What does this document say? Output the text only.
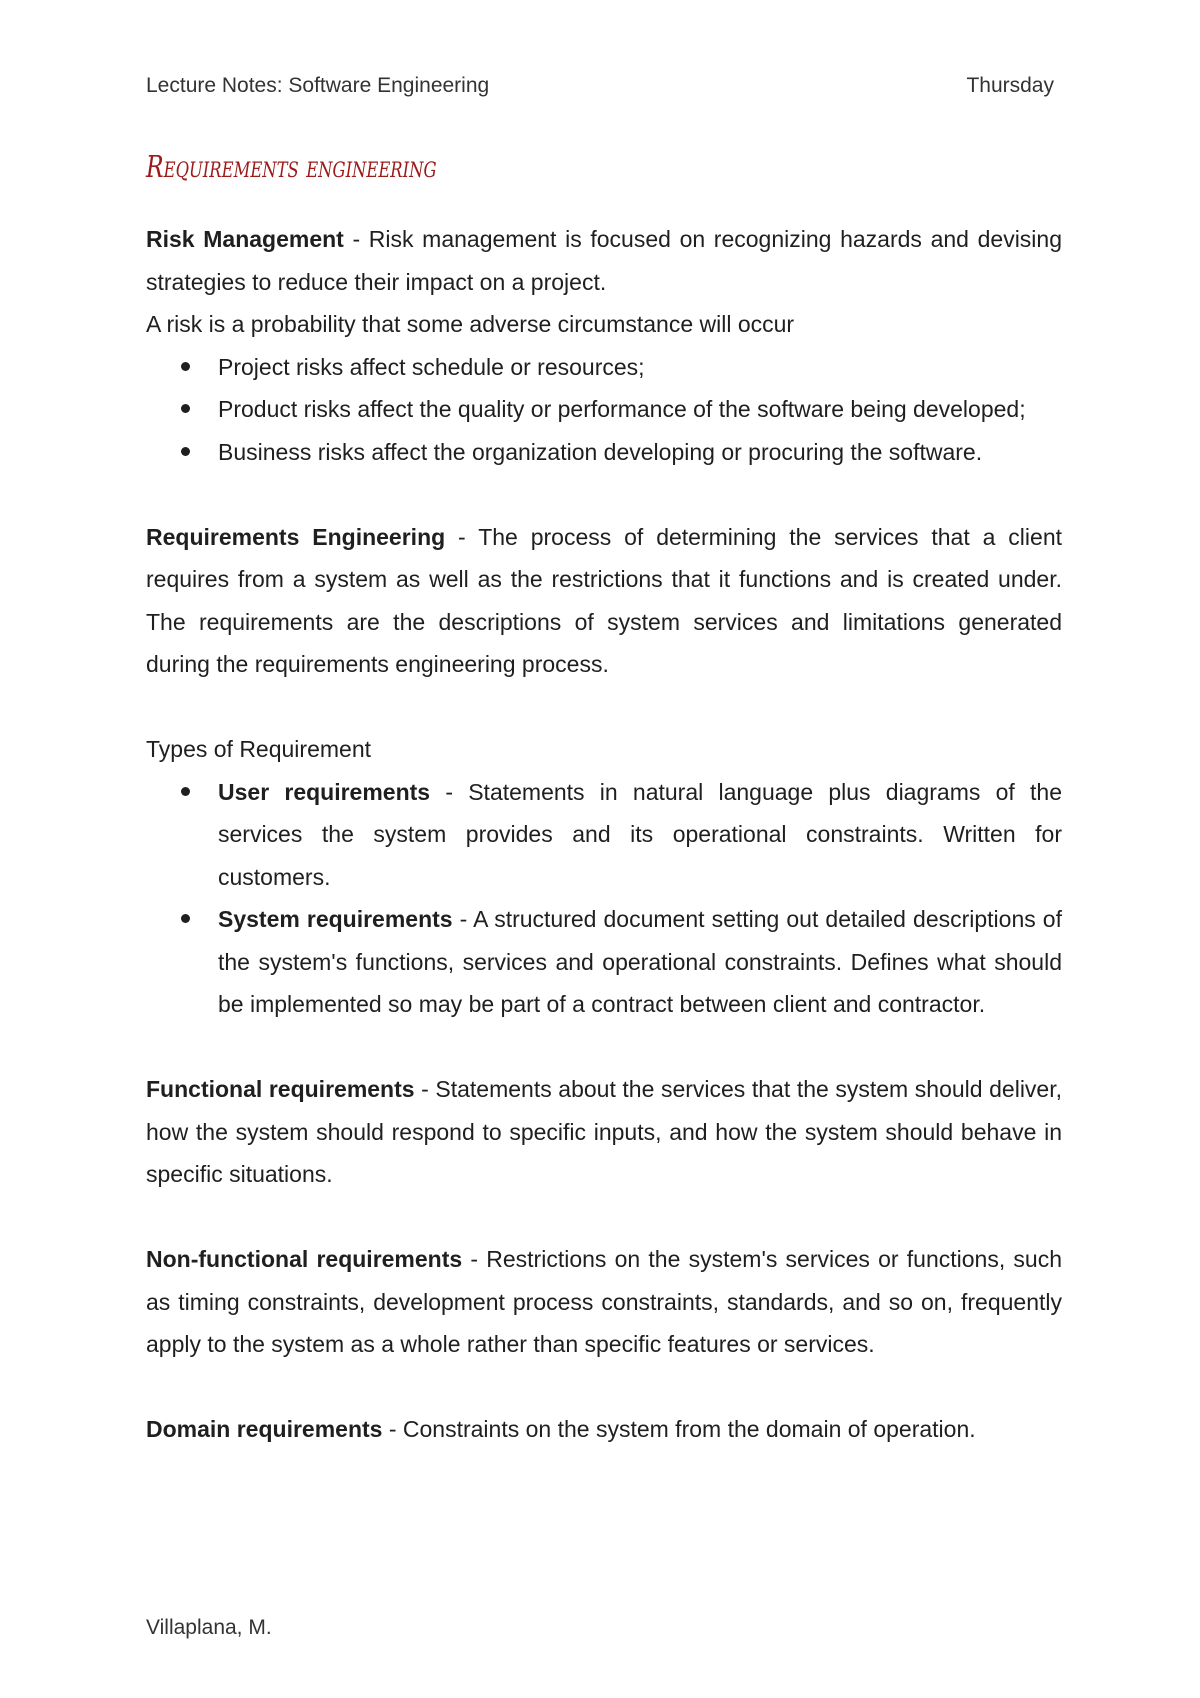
Lecture Notes: Software Engineering	Thursday
Requirements engineering

Risk Management - Risk management is focused on recognizing hazards and devising strategies to reduce their impact on a project.

A risk is a probability that some adverse circumstance will occur

Project risks affect schedule or resources;
Product risks affect the quality or performance of the software being developed;
Business risks affect the organization developing or procuring the software.

Requirements Engineering - The process of determining the services that a client requires from a system as well as the restrictions that it functions and is created under. The requirements are the descriptions of system services and limitations generated during the requirements engineering process.

Types of Requirement

User requirements - Statements in natural language plus diagrams of the services the system provides and its operational constraints. Written for customers.
System requirements - A structured document setting out detailed descriptions of the system's functions, services and operational constraints. Defines what should be implemented so may be part of a contract between client and contractor.

Functional requirements - Statements about the services that the system should deliver, how the system should respond to specific inputs, and how the system should behave in specific situations.

Non-functional requirements - Restrictions on the system's services or functions, such as timing constraints, development process constraints, standards, and so on, frequently apply to the system as a whole rather than specific features or services.

Domain requirements - Constraints on the system from the domain of operation.

Villaplana, M.
